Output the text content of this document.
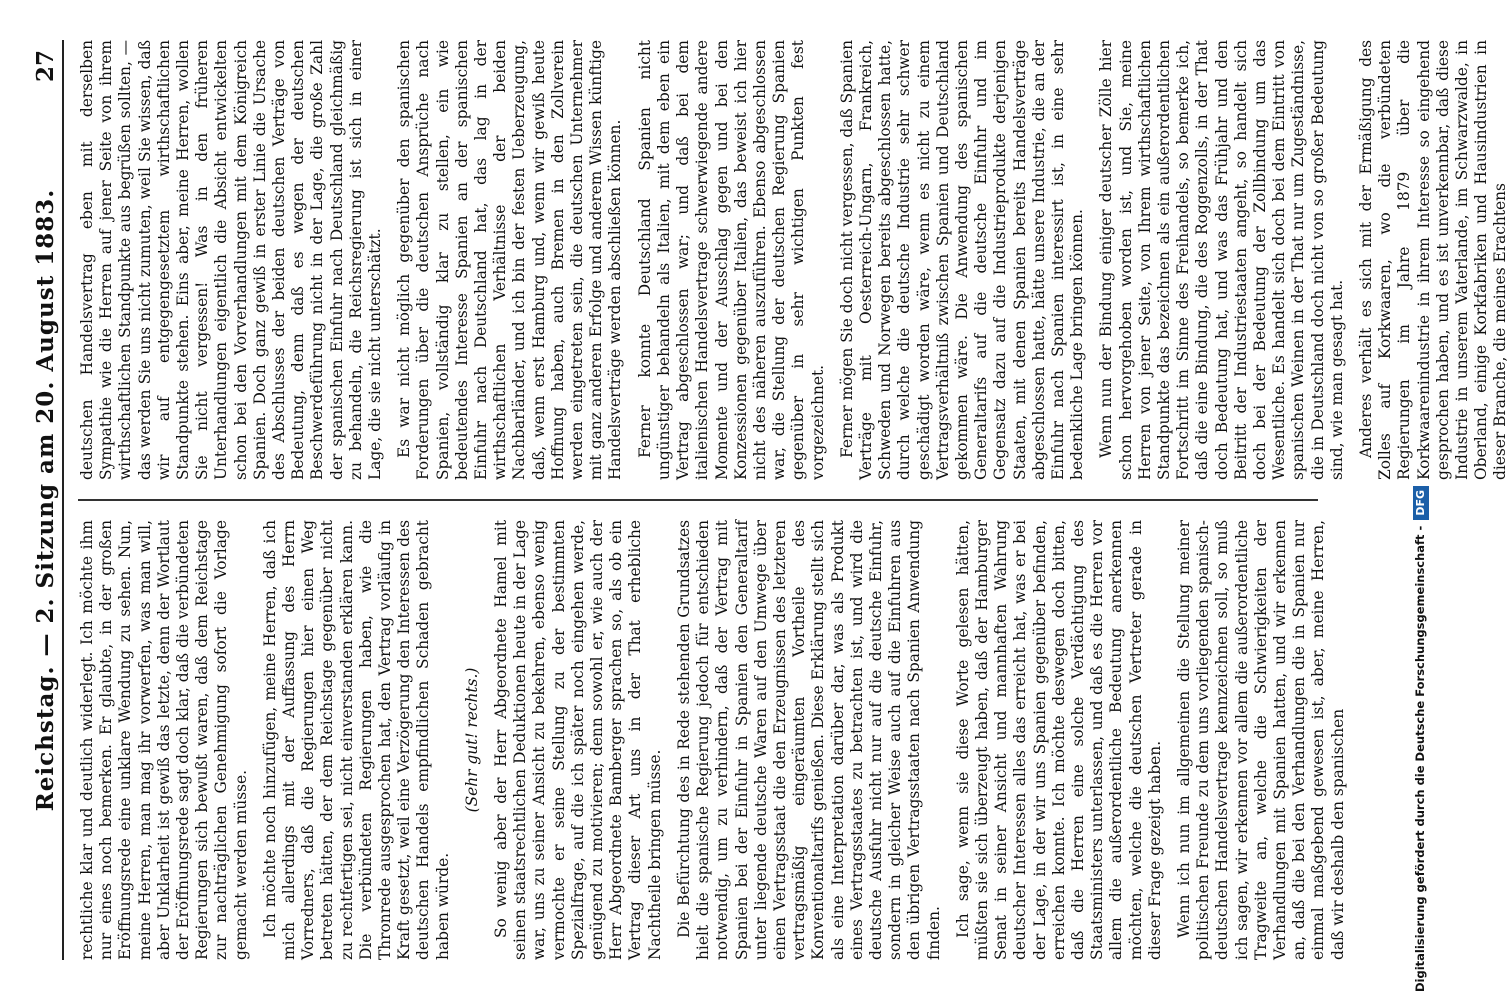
Reichstag. — 2. Sitzung am 20. August 1883.
27

rechtliche klar und deutlich widerlegt. Ich möchte ihm nur eines noch bemerken. Er glaubte, in der großen Eröffnungsrede eine unklare Wendung zu sehen. Nun, meine Herren, man mag ihr vorwerfen, was man will, aber Unklarheit ist gewiß das letzte, denn der Wortlaut der Eröffnungsrede sagt doch klar, daß die verbündeten Regierungen sich bewußt waren, daß dem Reichstage zur nachträglichen Genehmigung sofort die Vorlage gemacht werden müsse. Ich möchte noch hinzufügen, meine Herren, daß ich mich allerdings mit der Auffassung des Herrn Vorredners, daß die Regierungen hier einen Weg betreten hätten, der dem Reichstage gegenüber nicht zu rechtfertigen sei, nicht einverstanden erklären kann. Die verbündeten Regierungen haben, wie die Thronrede ausgesprochen hat, den Vertrag vorläufig in Kraft gesetzt, weil eine Verzögerung den Interessen des deutschen Handels empfindlichen Schaden gebracht haben würde.

(Sehr gut! rechts.) So wenig aber der Herr Abgeordnete Hamel mit seinen staatsrechtlichen Deduktionen heute in der Lage war, uns zu seiner Ansicht zu bekehren, ebenso wenig vermochte er seine Stellung zu der bestimmten Spezialfrage, auf die ich später noch eingehen werde, genügend zu motivieren; denn sowohl er, wie auch der Herr Abgeordnete Bamberger sprachen so, als ob ein Vertrag dieser Art uns in der That erhebliche Nachtheile bringen müsse. Die Befürchtung des in Rede stehenden Grundsatzes hielt die spanische Regierung jedoch für entschieden notwendig, um zu verhindern, daß der Vertrag mit Spanien bei der Einfuhr in Spanien den Generaltarif unter liegende deutsche Waren auf den Umwege über einen Vertragsstaat die den Erzeugnissen des letzteren vertragsmäßig eingeräumten Vortheile des Konventionaltarifs genießen. Diese Erklärung stellt sich als eine Interpretation darüber dar, was als Produkt eines Vertragsstaates zu betrachten ist, und wird die deutsche Ausfuhr nicht nur auf die deutsche Einfuhr, sondern in gleicher Weise auch auf die Einfuhren aus den übrigen Vertragsstaaten nach Spanien Anwendung finden. Ich sage, wenn sie diese Worte gelesen hätten, müßten sie sich überzeugt haben, daß der Hamburger Senat in seiner Ansicht und mannhaften Wahrung deutscher Interessen alles das erreicht hat, was er bei der Lage, in der wir uns Spanien gegenüber befinden, erreichen konnte. Ich möchte deswegen doch bitten, daß die Herren eine solche Verdächtigung des Staatsministers unterlassen, und daß es die Herren vor allem die außerordentliche Bedeutung anerkennen möchten, welche die deutschen Vertreter gerade in dieser Frage gezeigt haben. Wenn ich nun im allgemeinen die Stellung meiner politischen Freunde zu dem uns vorliegenden spanisch-deutschen Handelsvertrage kennzeichnen soll, so muß ich sagen, wir erkennen vor allem die außerordentliche Tragweite an, welche die Schwierigkeiten der Verhandlungen mit Spanien hatten, und wir erkennen an, daß die bei den Verhandlungen die in Spanien nur einmal maßgebend gewesen ist, aber, meine Herren, daß wir deshalb den spanischen

deutschen Handelsvertrag eben mit derselben Sympathie wie die Herren auf jener Seite von ihrem wirthschaftlichen Standpunkte aus begrüßen sollten, — das werden Sie uns nicht zumuten, weil Sie wissen, daß wir auf entgegengesetztem wirthschaftlichen Standpunkte stehen. Eins aber, meine Herren, wollen Sie nicht vergessen! Was in den früheren Unterhandlungen eigentlich die Absicht entwickelten schon bei den Vorverhandlungen mit dem Königreich Spanien. Doch ganz gewiß in erster Linie die Ursache des Abschlusses der beiden deutschen Verträge von Bedeutung, denn daß es wegen der deutschen Beschwerdeführung nicht in der Lage, die große Zahl der spanischen Einfuhr nach Deutschland gleichmäßig zu behandeln, die Reichsregierung ist sich in einer Lage, die sie nicht unterschätzt. Es war nicht möglich gegenüber den spanischen Forderungen über die deutschen Ansprüche nach Spanien, vollständig klar zu stellen, ein wie bedeutendes Interesse Spanien an der spanischen Einfuhr nach Deutschland hat, das lag in der wirthschaftlichen Verhältnisse der beiden Nachbarländer, und ich bin der festen Ueberzeugung, daß, wenn erst Hamburg und, wenn wir gewiß heute Hoffnung haben, auch Bremen in den Zollverein werden eingetreten sein, die deutschen Unternehmer mit ganz anderen Erfolge und anderem Wissen künftige Handelsverträge werden abschließen können. Ferner konnte Deutschland Spanien nicht ungünstiger behandeln als Italien, mit dem eben ein Vertrag abgeschlossen war; und daß bei dem italienischen Handelsvertrage schwerwiegende andere Momente und der Ausschlag gegen und bei den Konzessionen gegenüber Italien, das beweist ich hier nicht des näheren auszuführen. Ebenso abgeschlossen war, die Stellung der deutschen Regierung Spanien gegenüber in sehr wichtigen Punkten fest vorgezeichnet. Ferner mögen Sie doch nicht vergessen, daß Spanien Verträge mit Oesterreich-Ungarn, Frankreich, Schweden und Norwegen bereits abgeschlossen hatte, durch welche die deutsche Industrie sehr schwer geschädigt worden wäre, wenn es nicht zu einem Vertragsverhältniß zwischen Spanien und Deutschland gekommen wäre. Die Anwendung des spanischen Generaltarifs auf die deutsche Einfuhr und im Gegensatz dazu auf die Industrieprodukte derjenigen Staaten, mit denen Spanien bereits Handelsverträge abgeschlossen hatte, hätte unsere Industrie, die an der Einfuhr nach Spanien interessirt ist, in eine sehr bedenkliche Lage bringen können. Wenn nun der Bindung einiger deutscher Zölle hier schon hervorgehoben worden ist, und Sie, meine Herren von jener Seite, von Ihrem wirthschaftlichen Standpunkte das bezeichnen als ein außerordentlichen Fortschritt im Sinne des Freihandels, so bemerke ich, daß die eine Bindung, die des Roggenzolls, in der That doch Bedeutung hat, und was das Frühjahr und den Beitritt der Industriestaaten angeht, so handelt sich doch bei der Bedeutung der Zollbindung um das Wesentliche. Es handelt sich doch bei dem Eintritt von spanischen Weinen in der That nur um Zugeständnisse, die in Deutschland doch nicht von so großer Bedeutung sind, wie man gesagt hat. Anderes verhält es sich mit der Ermäßigung des Zolles auf Korkwaaren, wo die verbündeten Regierungen im Jahre 1879 über die Korkwaarenindustrie in ihrem Interesse so eingehend gesprochen haben, und es ist unverkennbar, daß diese Industrie in unserem Vaterlande, im Schwarzwalde, in Oberland, einige Korkfabriken und Hausindustrien in dieser Branche, die meines Erachtens

Digitalisierung gefördert durch die Deutsche Forschungsgemeinschaft -DFG
